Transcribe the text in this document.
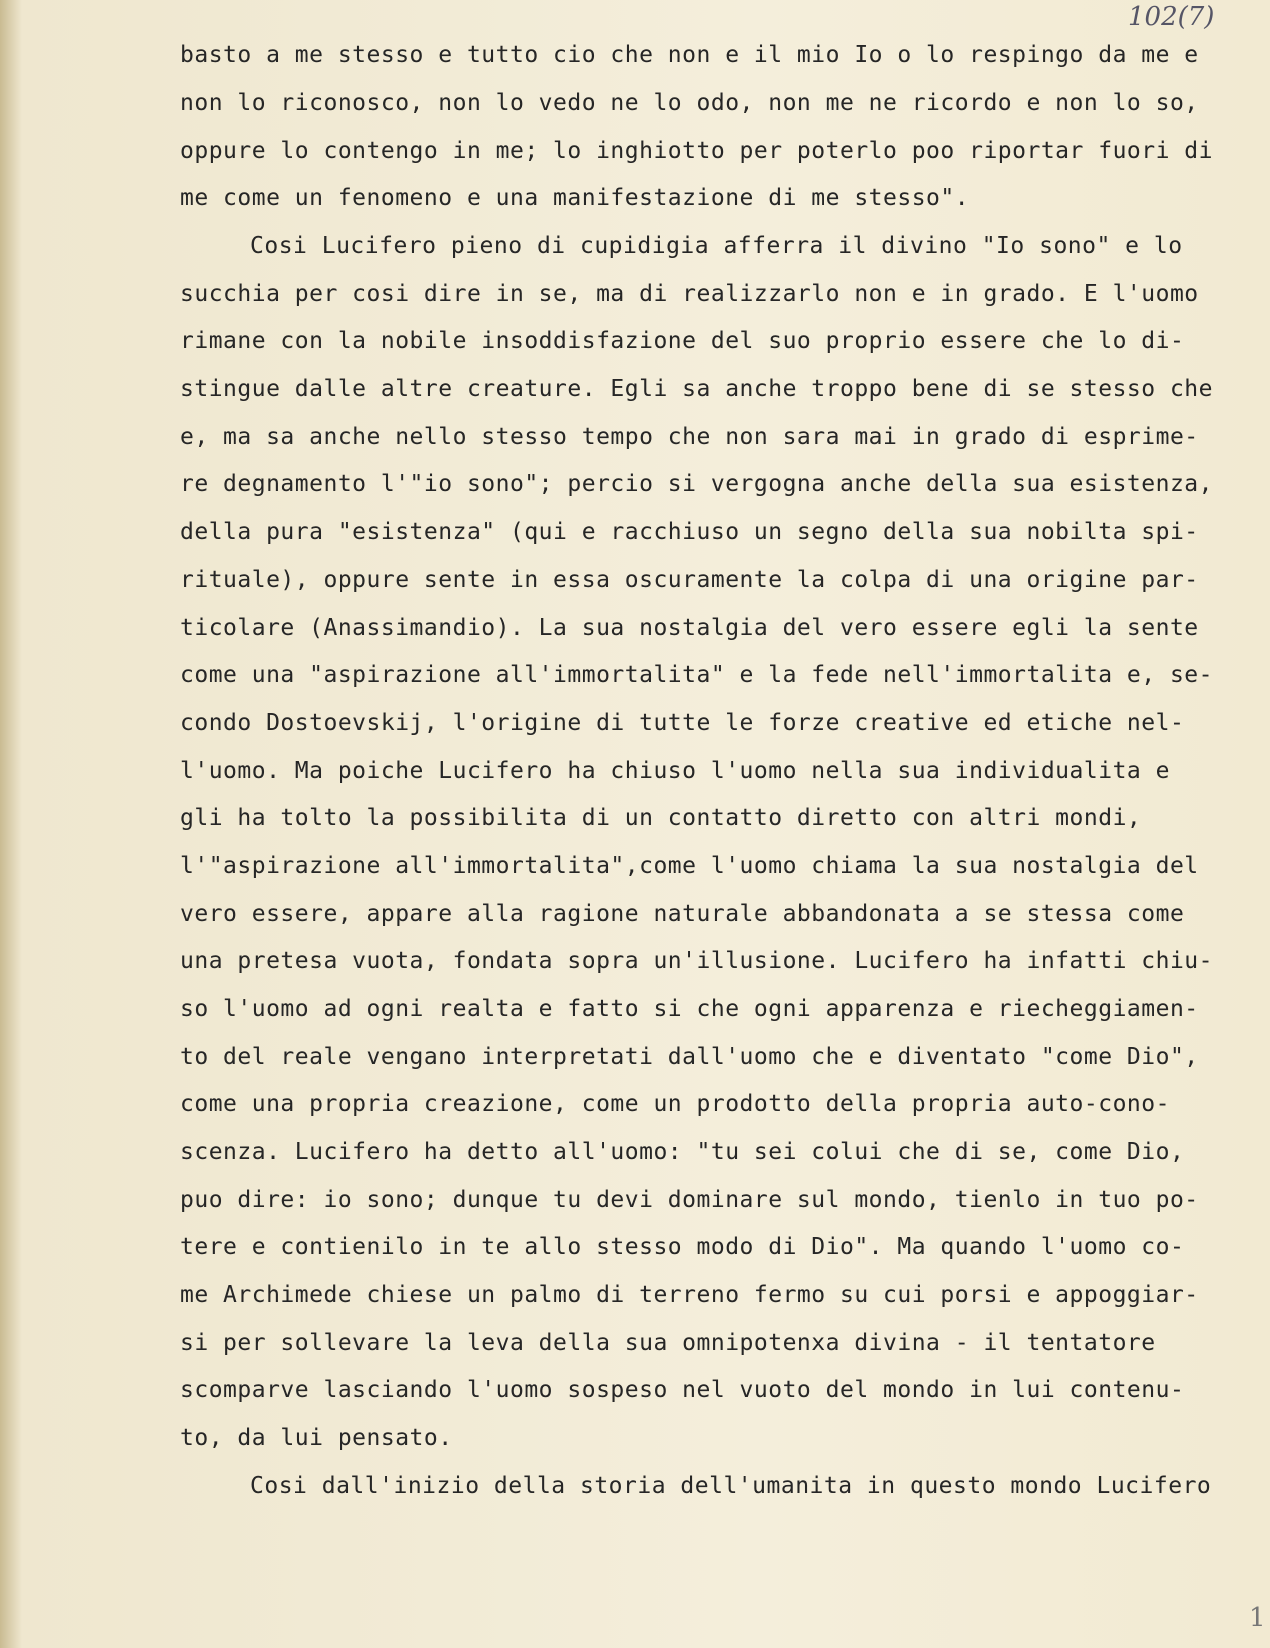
102(7)

basto a me stesso e tutto cio che non e il mio Io o lo respingo da me e

non lo riconosco, non lo vedo ne lo odo, non me ne ricordo e non lo so,

oppure lo contengo in me; lo inghiotto per poterlo poo riportar fuori di

me come un fenomeno e una manifestazione di me stesso".

Cosi Lucifero pieno di cupidigia afferra il divino "Io sono" e lo

succhia per cosi dire in se, ma di realizzarlo non e in grado. E l'uomo

rimane con la nobile insoddisfazione del suo proprio essere che lo di-

stingue dalle altre creature. Egli sa anche troppo bene di se stesso che

e, ma sa anche nello stesso tempo che non sara mai in grado di esprime-

re degnamento l'"io sono"; percio si vergogna anche della sua esistenza,

della pura "esistenza" (qui e racchiuso un segno della sua nobilta spi-

rituale), oppure sente in essa oscuramente la colpa di una origine par-

ticolare (Anassimandio). La sua nostalgia del vero essere egli la sente

come una "aspirazione all'immortalita" e la fede nell'immortalita e, se-

condo Dostoevskij, l'origine di tutte le forze creative ed etiche nel-

l'uomo. Ma poiche Lucifero ha chiuso l'uomo nella sua individualita e

gli ha tolto la possibilita di un contatto diretto con altri mondi,

l'"aspirazione all'immortalita",come l'uomo chiama la sua nostalgia del

vero essere, appare alla ragione naturale abbandonata a se stessa come

una pretesa vuota, fondata sopra un'illusione. Lucifero ha infatti chiu-

so l'uomo ad ogni realta e fatto si che ogni apparenza e riecheggiamen-

to del reale vengano interpretati dall'uomo che e diventato "come Dio",

come una propria creazione, come un prodotto della propria auto-cono-

scenza. Lucifero ha detto all'uomo: "tu sei colui che di se, come Dio,

puo dire: io sono; dunque tu devi dominare sul mondo, tienlo in tuo po-

tere e contienilo in te allo stesso modo di Dio". Ma quando l'uomo co-

me Archimede chiese un palmo di terreno fermo su cui porsi e appoggiar-

si per sollevare la leva della sua omnipotenxa divina - il tentatore

scomparve lasciando l'uomo sospeso nel vuoto del mondo in lui contenu-

to, da lui pensato.

Cosi dall'inizio della storia dell'umanita in questo mondo Lucifero

1
